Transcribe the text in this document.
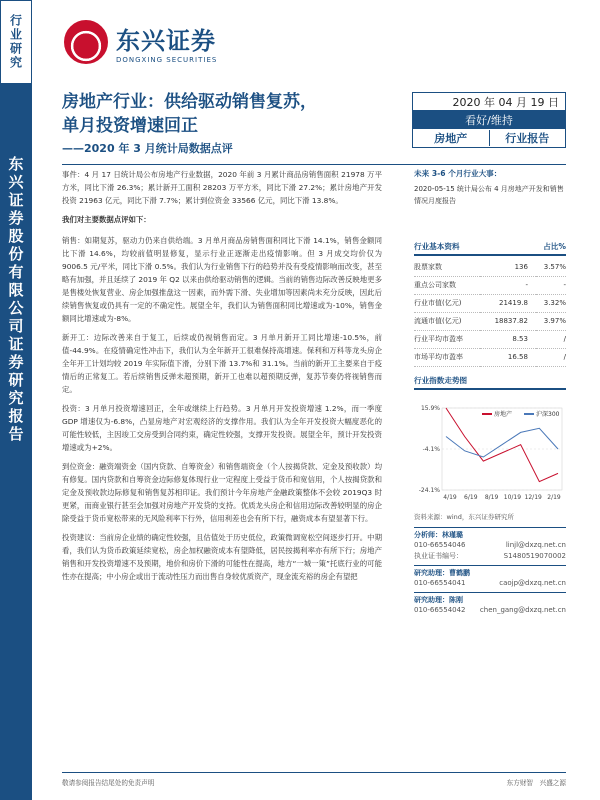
行业研究
东兴证券股份有限公司证券研究报告
东兴证券
DONGXING SECURITIES
房地产行业：供给驱动销售复苏，
单月投资增速回正
——2020 年 3 月统计局数据点评
2020 年 04 月 19 日
看好/维持
房地产	行业报告

事件：4 月 17 日统计局公布房地产行业数据，2020 年前 3 月累计商品房销售面积 21978 万平方米，同比下滑 26.3%；累计新开工面积 28203 万平方米，同比下滑 27.2%；累计房地产开发投资 21963 亿元，同比下滑 7.7%；累计到位资金 33566 亿元，同比下滑 13.8%。

我们对主要数据点评如下：

销售：如期复苏，驱动力仍来自供给端。3 月单月商品房销售面积同比下滑 14.1%，销售金额同比下滑 14.6%，均较前值明显修复，显示行业正逐渐走出疫情影响。但 3 月成交均价仅为 9006.5 元/平米，同比下滑 0.5%。我们认为行业销售下行的趋势并没有受疫情影响而改变，甚至略有加强，并且延续了 2019 年 Q2 以来由供给驱动销售的逻辑。当前的销售边际改善反映地更多是售楼处恢复营业、房企加强推盘这一因素，而外需下滑、失业增加等因素尚未充分反映，因此后续销售恢复或仍具有一定的不确定性。展望全年，我们认为销售面积同比增速或为-10%，销售金额同比增速或为-8%。

新开工：边际改善来自于复工，后续或仍视销售而定。3 月单月新开工同比增速-10.5%，前值-44.9%。在疫情确定性冲击下，我们认为全年新开工很难保持高增速。保利和万科等龙头房企全年开工计划均较 2019 年实际值下滑，分别下滑 13.7%和 31.1%。当前的新开工主要来自于疫情后的正常复工。若后续销售反弹未超预期，新开工也难以超预期反弹，复苏节奏仍将视销售而定。

投资：3 月单月投资增速回正，全年或继续上行趋势。3 月单月开发投资增速 1.2%，而一季度 GDP 增速仅为-6.8%，凸显房地产对宏观经济的支撑作用。我们认为全年开发投资大幅度恶化的可能性较低，主因竣工交房受到合同约束，确定性较强，支撑开发投资。展望全年，预计开发投资增速或为+2%。

到位资金：融资端资金（国内贷款、自筹资金）和销售端资金（个人按揭贷款、定金及预收款）均有修复。国内贷款和自筹资金边际修复体现行业一定程度上受益于货币和宽信用，个人按揭贷款和定金及预收款边际修复和销售复苏相印证。我们预计今年房地产金融政策整体不会较 2019Q3 时更紧，而商业银行甚至会加强对房地产开发贷的支持。优质龙头房企和信用边际改善较明显的房企除受益于货币宽松带来的无风险利率下行外，信用利差也会有所下行，融资成本有望显著下行。

投资建议：当前房企业绩的确定性较强，且估值处于历史低位，政策微调宽松空间逐步打开。中期看，我们认为货币政策延续宽松，房企加权融资成本有望降低，居民按揭利率亦有所下行；房地产销售和开发投资增速不及预期，地价和房价下滑的可能性在提高，地方“一城一策”托底行业的可能性亦在提高；中小房企或出于流动性压力而出售自身较优质资产，现金流充裕的房企有望把

未来 3-6 个月行业大事：
2020-05-15 统计局公布 4 月房地产开发和销售情况月度报告
行业基本资料	占比%
股票家数	136	3.57%
重点公司家数	-	-
行业市值(亿元)	21419.8	3.32%
流通市值(亿元)	18837.82	3.97%
行业平均市盈率	8.53	/
市场平均市盈率	16.58	/
行业指数走势图
15.9%
-4.1%
-24.1%
4/19 6/19 8/19 10/19 12/19 2/19
房地产	沪深300
资料来源：wind，东兴证券研究所
分析师：林瑾璐
010-66554046	linjl@dxzq.net.cn
执业证书编号：	S1480519070002
研究助理：曹鹤鹏
010-66554041	caojp@dxzq.net.cn
研究助理：陈刚
010-66554042 chen_gang@dxzq.net.cn
敬请参阅报告结尾处的免责声明	东方财智　兴盛之源
